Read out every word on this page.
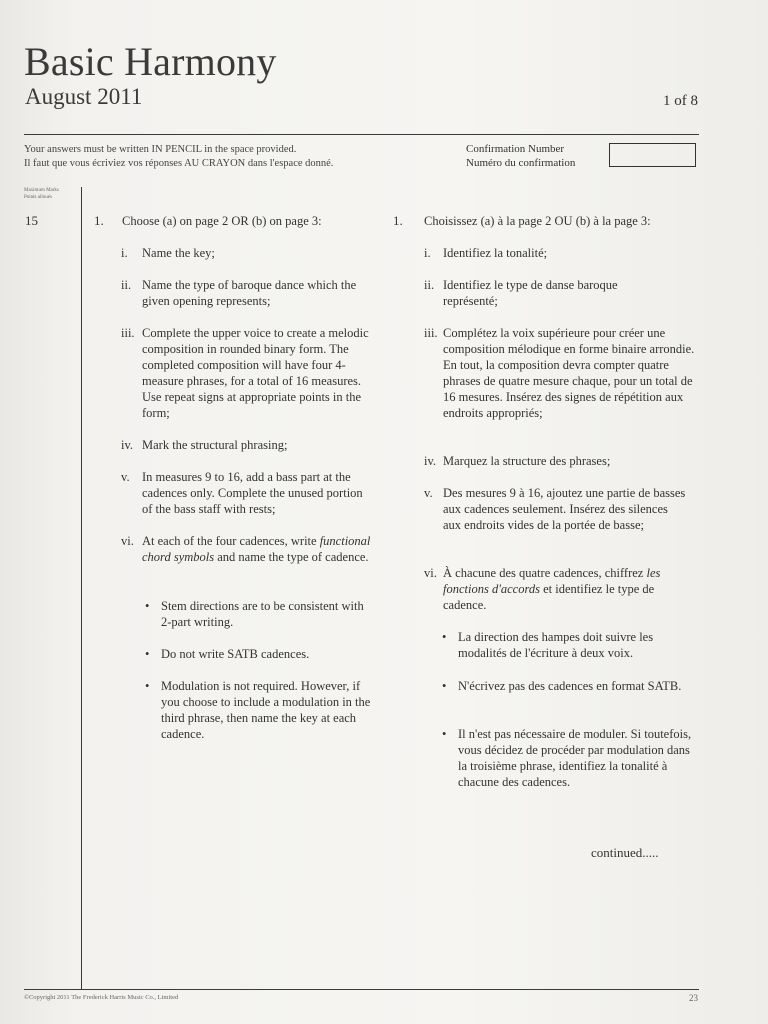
Basic Harmony
August 2011	1 of 8
Your answers must be written IN PENCIL in the space provided.
Il faut que vous écriviez vos réponses AU CRAYON dans l'espace donné.
Confirmation Number
Numéro du confirmation
Maximum Marks
Points alloués
15	1. Choose (a) on page 2 OR (b) on page 3:
i. Name the key;
ii. Name the type of baroque dance which the given opening represents;
iii. Complete the upper voice to create a melodic composition in rounded binary form. The completed composition will have four 4-measure phrases, for a total of 16 measures. Use repeat signs at appropriate points in the form;
iv. Mark the structural phrasing;
v. In measures 9 to 16, add a bass part at the cadences only. Complete the unused portion of the bass staff with rests;
vi. At each of the four cadences, write functional chord symbols and name the type of cadence.
• Stem directions are to be consistent with 2-part writing.
• Do not write SATB cadences.
• Modulation is not required. However, if you choose to include a modulation in the third phrase, then name the key at each cadence.
1. Choisissez (a) à la page 2 OU (b) à la page 3:
i. Identifiez la tonalité;
ii. Identifiez le type de danse baroque représenté;
iii. Complétez la voix supérieure pour créer une composition mélodique en forme binaire arrondie. En tout, la composition devra compter quatre phrases de quatre mesure chaque, pour un total de 16 mesures. Insérez des signes de répétition aux endroits appropriés;
iv. Marquez la structure des phrases;
v. Des mesures 9 à 16, ajoutez une partie de basses aux cadences seulement. Insérez des silences aux endroits vides de la portée de basse;
vi. À chacune des quatre cadences, chiffrez les fonctions d'accords et identifiez le type de cadence.
• La direction des hampes doit suivre les modalités de l'écriture à deux voix.
• N'écrivez pas des cadences en format SATB.
• Il n'est pas nécessaire de moduler. Si toutefois, vous décidez de procéder par modulation dans la troisième phrase, identifiez la tonalité à chacune des cadences.
continued.....
©Copyright 2011 The Frederick Harris Music Co., Limited	23
